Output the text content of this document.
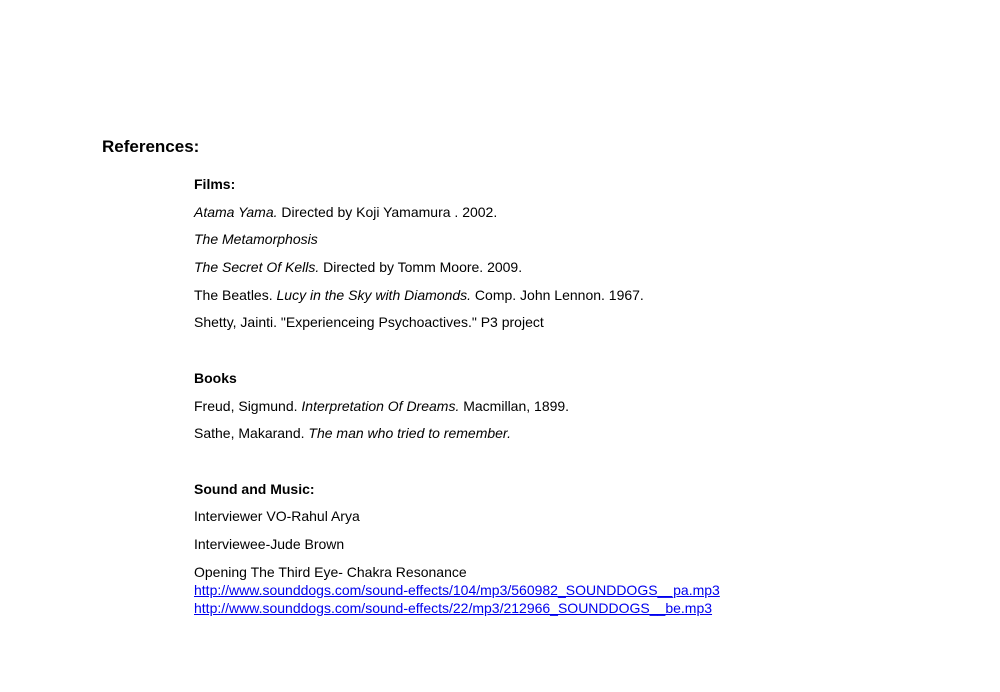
References:
Films:
Atama Yama. Directed by Koji Yamamura . 2002.
The Metamorphosis
The Secret Of Kells. Directed by Tomm Moore. 2009.
The Beatles. Lucy in the Sky with Diamonds. Comp. John Lennon. 1967.
Shetty, Jainti. "Experienceing Psychoactives." P3 project
Books
Freud, Sigmund. Interpretation Of Dreams. Macmillan, 1899.
Sathe, Makarand. The man who tried to remember.
Sound and Music:
Interviewer VO-Rahul Arya
Interviewee-Jude Brown
Opening The Third Eye- Chakra Resonance
http://www.sounddogs.com/sound-effects/104/mp3/560982_SOUNDDOGS__pa.mp3
http://www.sounddogs.com/sound-effects/22/mp3/212966_SOUNDDOGS__be.mp3
